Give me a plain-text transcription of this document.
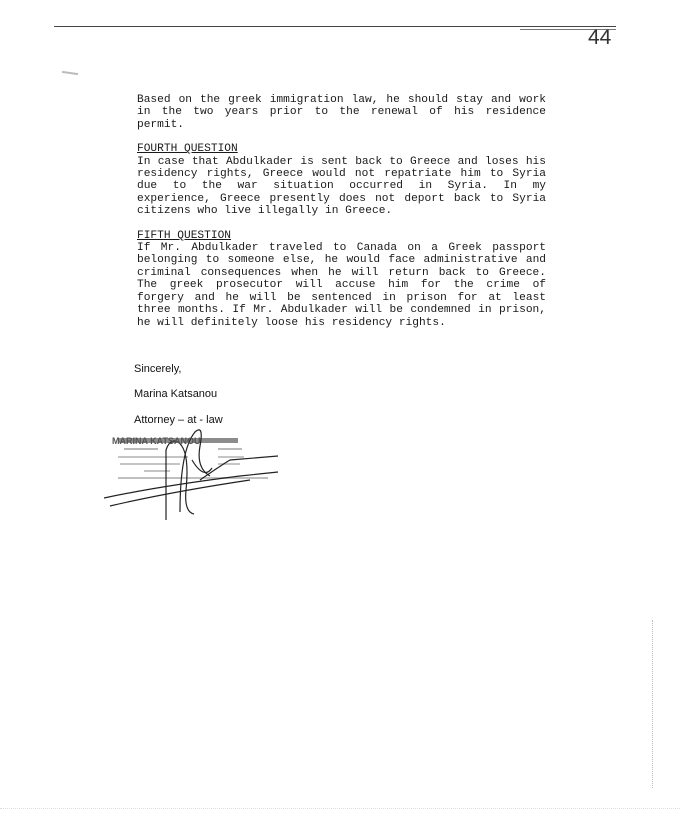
44

Based on the greek immigration law, he should stay and work in the two years prior to the renewal of his residence permit.

FOURTH QUESTION

In case that Abdulkader is sent back to Greece and loses his residency rights, Greece would not repatriate him to Syria due to the war situation occurred in Syria. In my experience, Greece presently does not deport back to Syria citizens who live illegally in Greece.

FIFTH QUESTION

If Mr. Abdulkader traveled to Canada on a Greek passport belonging to someone else, he would face administrative and criminal consequences when he will return back to Greece. The greek prosecutor will accuse him for the crime of forgery and he will be sentenced in prison for at least three months. If Mr. Abdulkader will be condemned in prison, he will definitely loose his residency rights.

Sincerely,
Marina Katsanou
Attorney – at - law
MARINA KATSANOU
